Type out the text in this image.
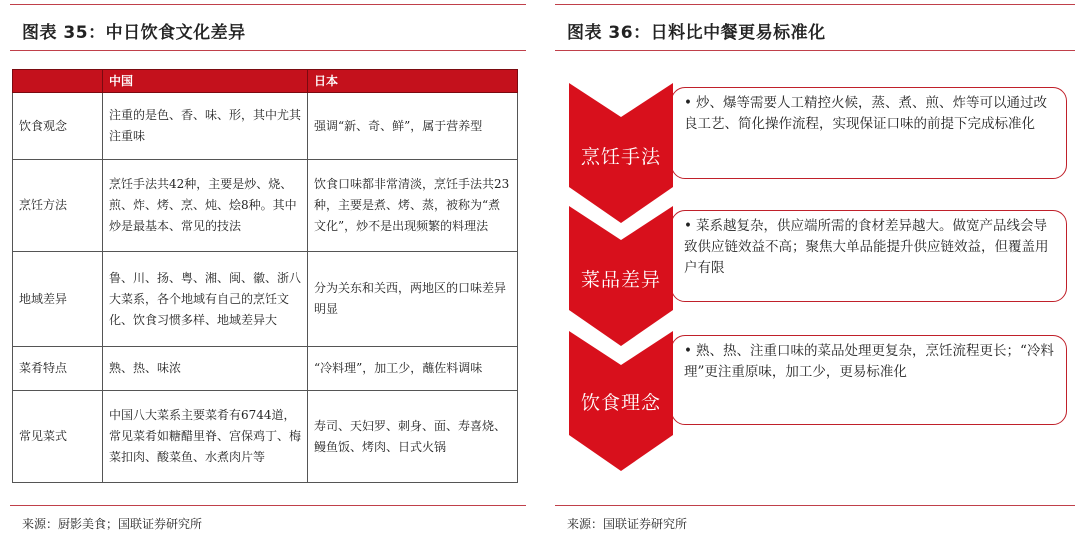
图表 35：中日饮食文化差异
	中国	日本
饮食观念	注重的是色、香、味、形，其中尤其注重味	强调“新、奇、鲜”，属于营养型
烹饪方法	烹饪手法共42种，主要是炒、烧、煎、炸、烤、烹、炖、烩8种。其中炒是最基本、常见的技法	饮食口味都非常清淡，烹饪手法共23种，主要是煮、烤、蒸，被称为“煮文化”，炒不是出现频繁的料理法
地域差异	鲁、川、扬、粤、湘、闽、徽、浙八大菜系，各个地域有自己的烹饪文化、饮食习惯多样、地域差异大	分为关东和关西，两地区的口味差异明显
菜肴特点	熟、热、味浓	“冷料理”，加工少，蘸佐料调味
常见菜式	中国八大菜系主要菜肴有6744道，常见菜肴如糖醋里脊、宫保鸡丁、梅菜扣肉、酸菜鱼、水煮肉片等	寿司、天妇罗、刺身、面、寿喜烧、鳗鱼饭、烤肉、日式火锅
来源：厨影美食；国联证券研究所
图表 36：日料比中餐更易标准化
• 炒、爆等需要人工精控火候，蒸、煮、煎、炸等可以通过改良工艺、简化操作流程，实现保证口味的前提下完成标准化
烹饪手法
• 菜系越复杂，供应端所需的食材差异越大。做宽产品线会导致供应链效益不高；聚焦大单品能提升供应链效益，但覆盖用户有限
菜品差异
• 熟、热、注重口味的菜品处理更复杂，烹饪流程更长；“冷料理”更注重原味，加工少，更易标准化
饮食理念
来源：国联证券研究所
